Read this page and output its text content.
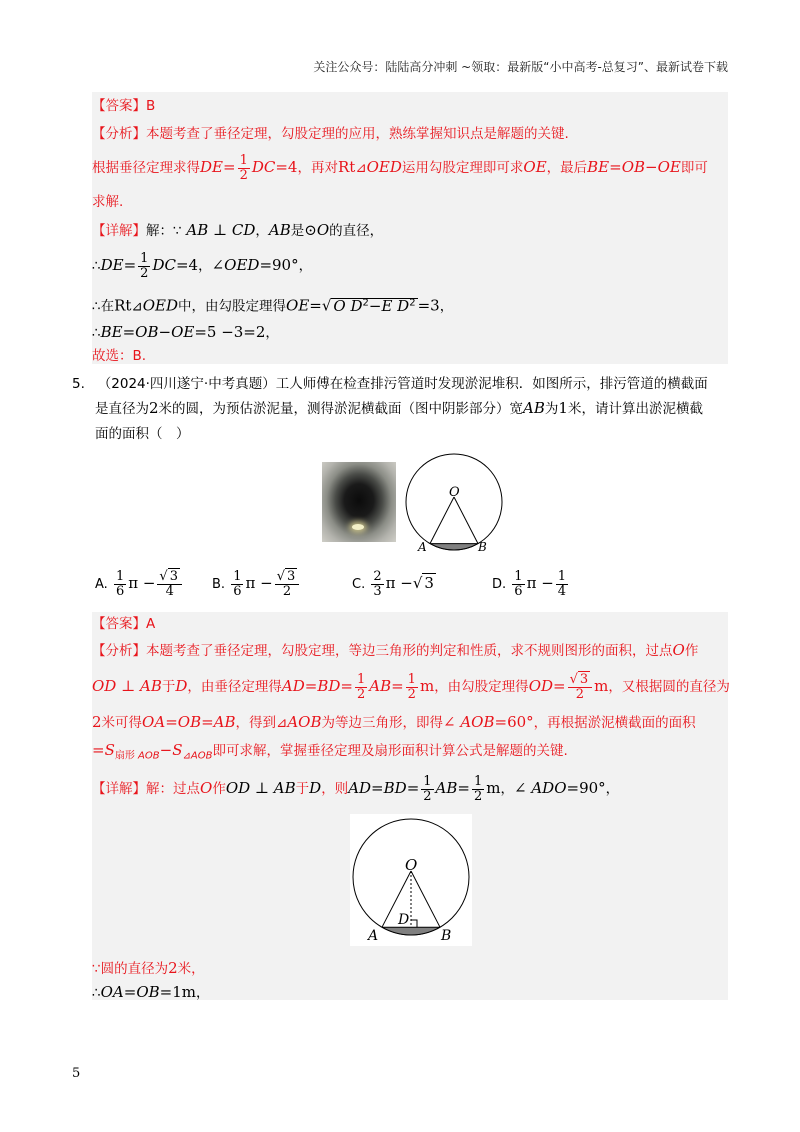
关注公众号：陆陆高分冲刺 ~领取：最新版“小中高考-总复习”、最新试卷下载
【答案】B
【分析】本题考查了垂径定理，勾股定理的应用，熟练掌握知识点是解题的关键.
根据垂径定理求得$DE= \frac{1}{2} DC=4$，再对Rt⊿OED运用勾股定理即可求OE，最后BE=OB−OE即可
求解.
【详解】解：∵ AB ⊥ CD，AB是⊙O的直径，
∴DE= $\frac{1}{2} DC=4$，∠OED=90°，
∴在Rt⊿OED中，由勾股定理得OE=√ O $D^2-E$ $D^2 =3$，
∴BE=OB−OE=5 −3=2，
故选：B.
5. （2024·四川遂宁·中考真题）工人师傅在检查排污管道时发现淤泥堆积．如图所示，排污管道的横截面
是直径为2米的圆，为预估淤泥量，测得淤泥横截面（图中阴影部分）宽AB为1米，请计算出淤泥横截
面的面积（　）
O
A	B
A. $\frac{1}{6}$ $\pi - \frac{√ 3}{4} B$. $\frac{1}{6}$ $\pi - \frac{√ 3}{2}$	C. $\frac{2}{3}$ π −√ 3	D. $\frac{1}{6}$ $\pi - \frac{1}{4}$
【答案】A
【分析】本题考查了垂径定理，勾股定理，等边三角形的判定和性质，求不规则图形的面积，过点O作
OD ⊥ AB于D，由垂径定理得$AD=BD= \frac{1}{2} AB= \frac{1}{2}$ m，由勾股定理得$OD= \frac{√ 3}{2}$ m，又根据圆的直径为
2米可得OA=OB=AB，得到⊿AOB为等边三角形，即得∠ AOB=60°，再根据淤泥横截面的面积
$=S_{扇形 AOB}-S_{⊿AOB}$即可求解，掌握垂径定理及扇形面积计算公式是解题的关键.
【详解】解：过点O作OD ⊥ AB于D，则$AD=BD= \frac{1}{2} AB= \frac{1}{2}$ m，∠ ADO=90°，
O
D
A	B
∵圆的直径为2米，
∴OA=OB=1m，
5
